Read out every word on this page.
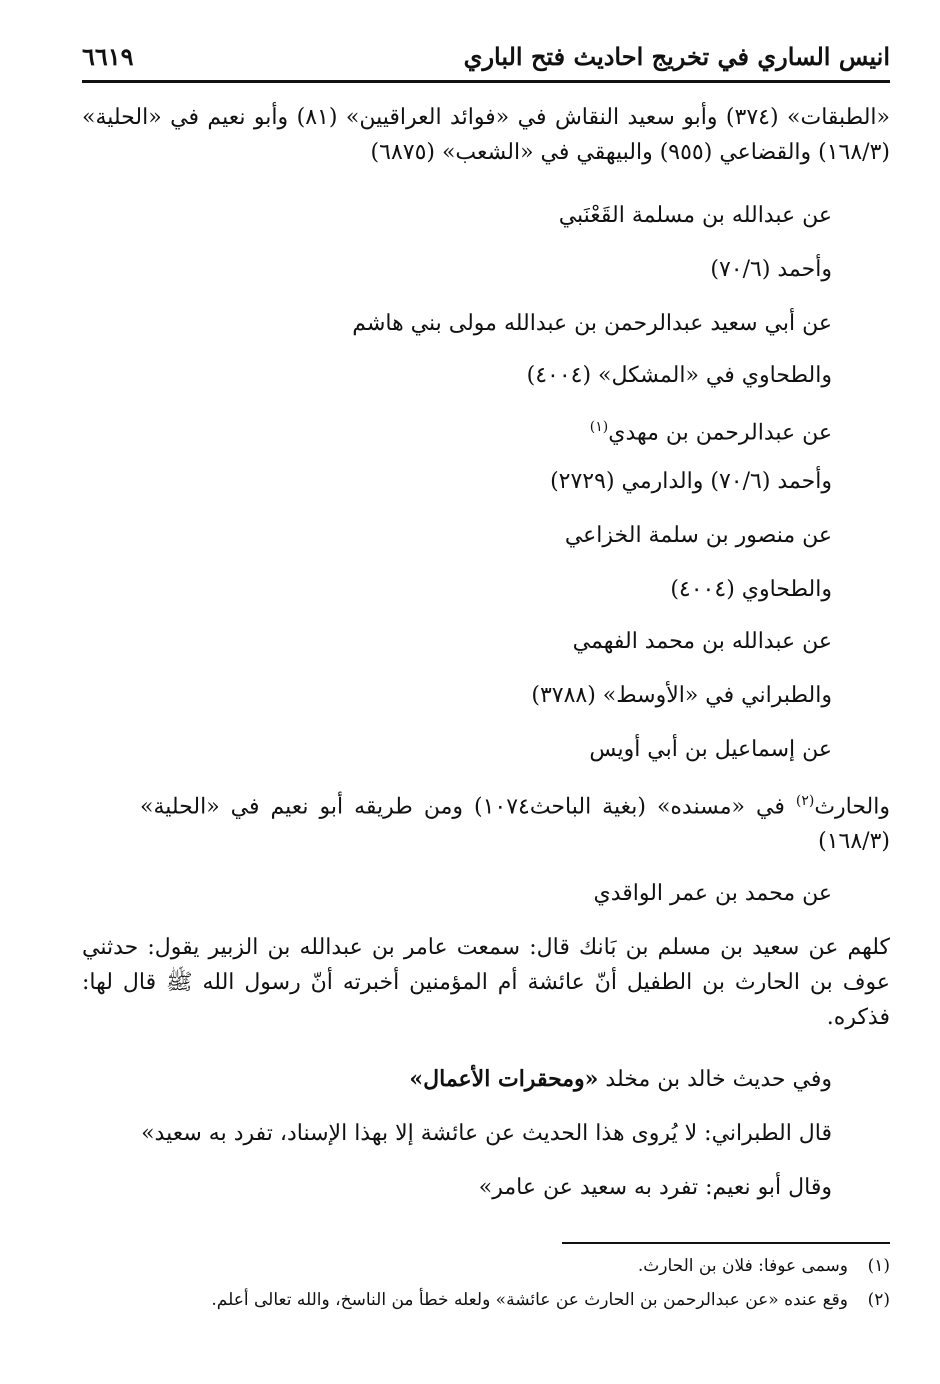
انيس الساري في تخريج احاديث فتح الباري
٦٦١٩
«الطبقات» (٣٧٤) وأبو سعيد النقاش في «فوائد العراقيين» (٨١) وأبو نعيم في «الحلية» (١٦٨/٣) والقضاعي (٩٥٥) والبيهقي في «الشعب» (٦٨٧٥)
عن عبدالله بن مسلمة القَعْنَبي
وأحمد (٧٠/٦)
عن أبي سعيد عبدالرحمن بن عبدالله مولى بني هاشم
والطحاوي في «المشكل» (٤٠٠٤)
عن عبدالرحمن بن مهدي$^{(١)}$
وأحمد (٧٠/٦) والدارمي (٢٧٢٩)
عن منصور بن سلمة الخزاعي
والطحاوي (٤٠٠٤)
عن عبدالله بن محمد الفهمي
والطبراني في «الأوسط» (٣٧٨٨)
عن إسماعيل بن أبي أويس
والحارث$^{(٢)}$ في «مسنده» (بغية الباحث١٠٧٤) ومن طريقه أبو نعيم في «الحلية» (١٦٨/٣)
عن محمد بن عمر الواقدي
كلهم عن سعيد بن مسلم بن بَانك قال: سمعت عامر بن عبدالله بن الزبير يقول: حدثني عوف بن الحارث بن الطفيل أنّ عائشة أم المؤمنين أخبرته أنّ رسول الله ﷺ قال لها: فذكره.
وفي حديث خالد بن مخلد «ومحقرات الأعمال»
قال الطبراني: لا يُروى هذا الحديث عن عائشة إلا بهذا الإسناد، تفرد به سعيد»
وقال أبو نعيم: تفرد به سعيد عن عامر»
(١)وسمى عوفا: فلان بن الحارث.
(٢)وقع عنده «عن عبدالرحمن بن الحارث عن عائشة» ولعله خطأ من الناسخ، والله تعالى أعلم.
